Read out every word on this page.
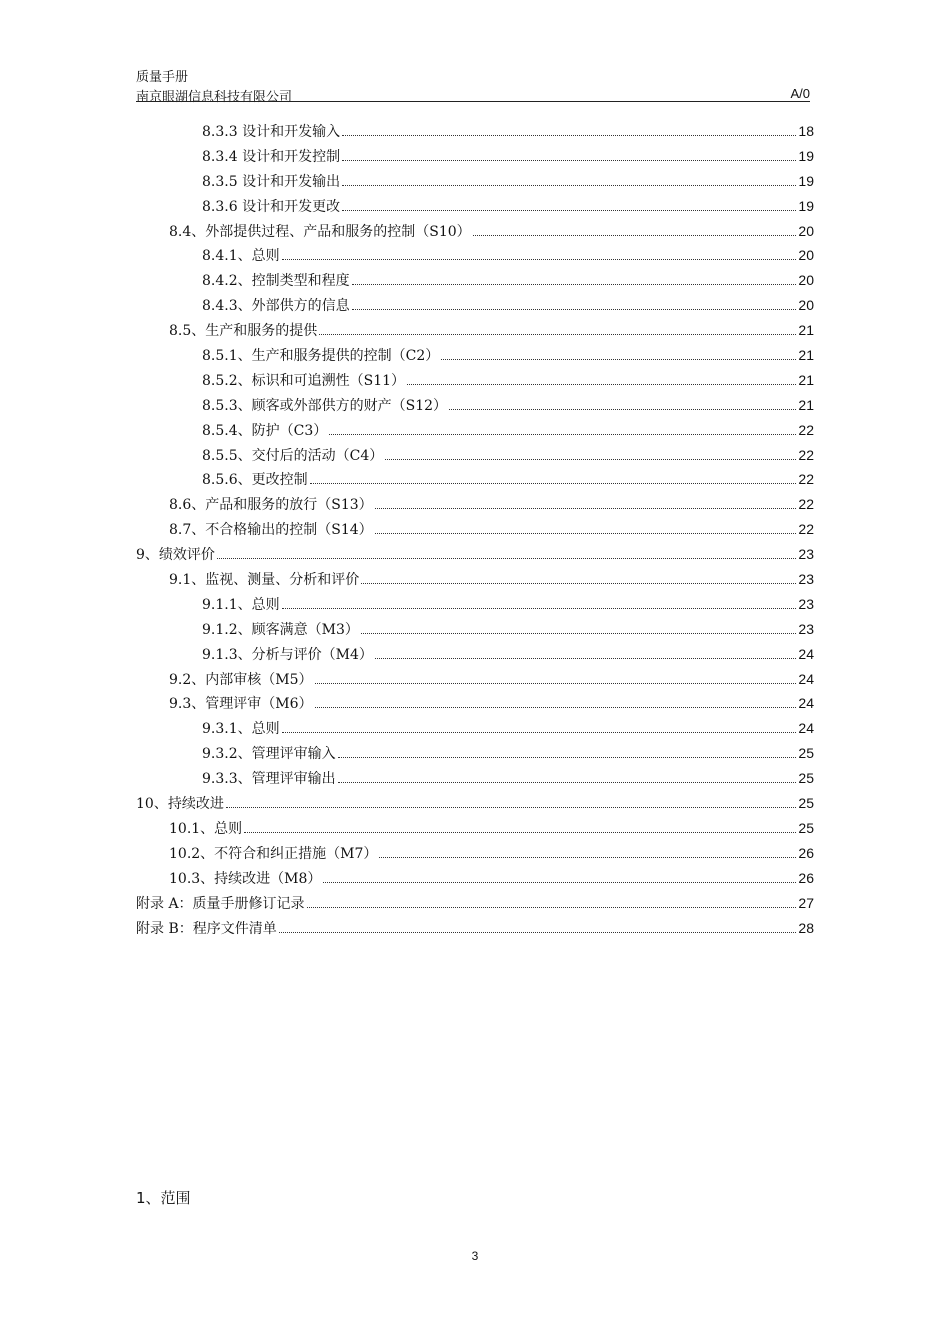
质量手册
南京眼湖信息科技有限公司	A/0
8.3.3 设计和开发输入	18
8.3.4 设计和开发控制	19
8.3.5 设计和开发输出	19
8.3.6 设计和开发更改	19
8.4、外部提供过程、产品和服务的控制（S10）	20
8.4.1、总则	20
8.4.2、控制类型和程度	20
8.4.3、外部供方的信息	20
8.5、生产和服务的提供	21
8.5.1、生产和服务提供的控制（C2）	21
8.5.2、标识和可追溯性（S11）	21
8.5.3、顾客或外部供方的财产（S12）	21
8.5.4、防护（C3）	22
8.5.5、交付后的活动（C4）	22
8.5.6、更改控制	22
8.6、产品和服务的放行（S13）	22
8.7、不合格输出的控制（S14）	22
9、绩效评价	23
9.1、监视、测量、分析和评价	23
9.1.1、总则	23
9.1.2、顾客满意（M3）	23
9.1.3、分析与评价（M4）	24
9.2、内部审核（M5）	24
9.3、管理评审（M6）	24
9.3.1、总则	24
9.3.2、管理评审输入	25
9.3.3、管理评审输出	25
10、持续改进	25
10.1、总则	25
10.2、不符合和纠正措施（M7）	26
10.3、持续改进（M8）	26
附录 A：质量手册修订记录	27
附录 B：程序文件清单	28
1、范围
3
